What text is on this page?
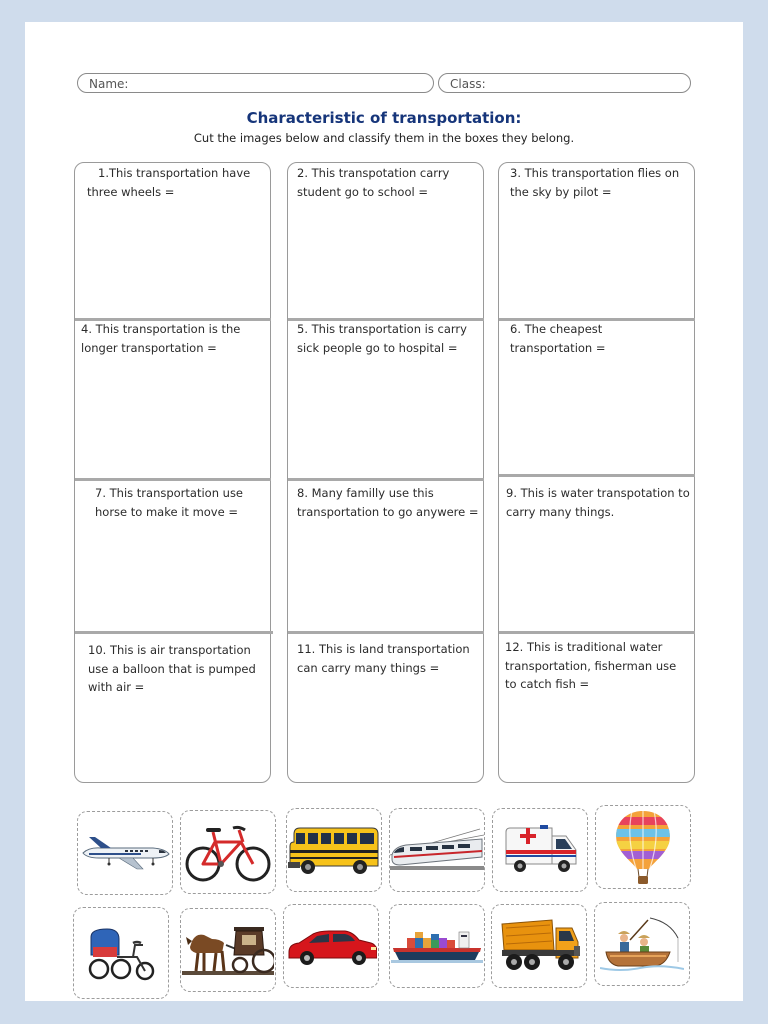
Name:	Class:
Characteristic of transportation:
Cut the images below and classify them in the boxes they belong.
1.This transportation have three wheels =
2. This transpotation carry student go to school =
3. This transportation flies on the sky by pilot =
4. This transportation is the longer transportation =
5. This transportation is carry sick people go to hospital =
6. The cheapest transportation =
7. This transportation use horse to make it move =
8. Many familly use this transportation to go anywere =
9. This is water transpotation to carry many things.
10. This is air transportation use a balloon that is pumped with air =
11. This is land transportation can carry many things =
12. This is traditional water transportation, fisherman use to catch fish =
